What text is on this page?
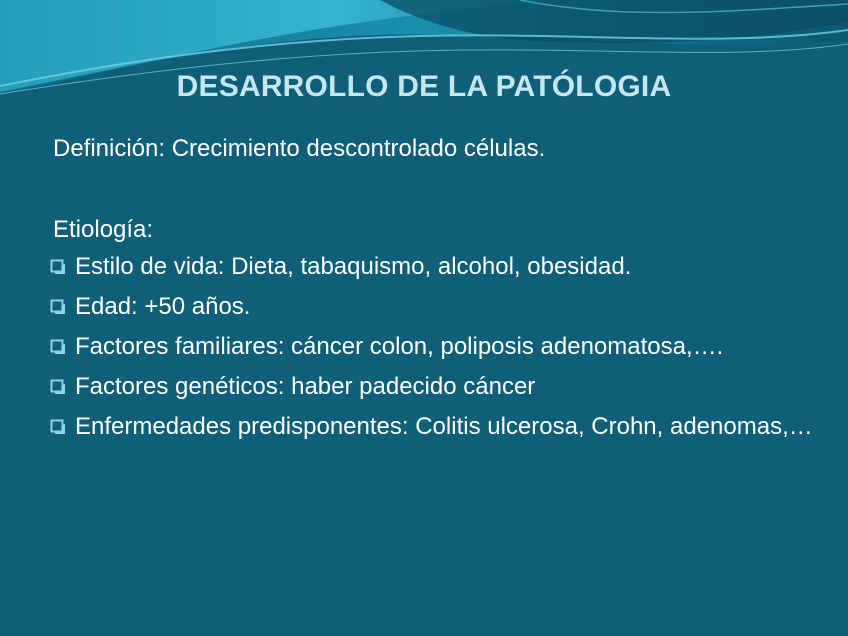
DESARROLLO DE LA PATÓLOGIA
Definición: Crecimiento descontrolado células.
Etiología:
Estilo de vida: Dieta, tabaquismo, alcohol, obesidad.
Edad: +50 años.
Factores familiares: cáncer colon, poliposis adenomatosa,….
Factores genéticos: haber padecido cáncer
Enfermedades predisponentes: Colitis ulcerosa, Crohn, adenomas,…
